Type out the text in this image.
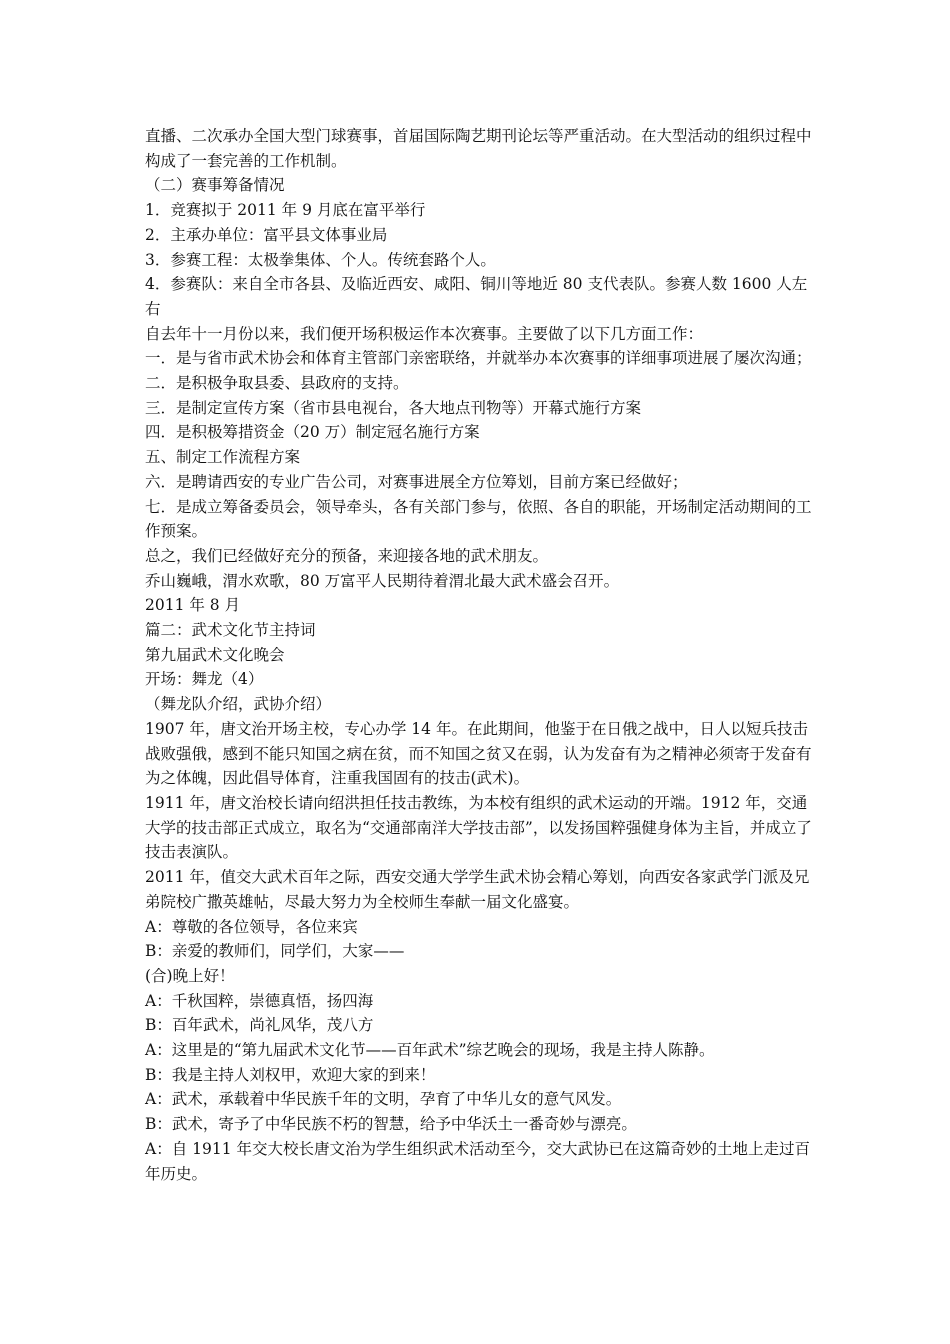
直播、二次承办全国大型门球赛事，首届国际陶艺期刊论坛等严重活动。在大型活动的组织过程中构成了一套完善的工作机制。

（二）赛事筹备情况

1．竞赛拟于 2011 年 9 月底在富平举行

2．主承办单位：富平县文体事业局

3．参赛工程：太极拳集体、个人。传统套路个人。

4．参赛队：来自全市各县、及临近西安、咸阳、铜川等地近 80 支代表队。参赛人数 1600 人左右

自去年十一月份以来，我们便开场积极运作本次赛事。主要做了以下几方面工作：

一．是与省市武术协会和体育主管部门亲密联络，并就举办本次赛事的详细事项进展了屡次沟通；

二．是积极争取县委、县政府的支持。

三．是制定宣传方案（省市县电视台，各大地点刊物等）开幕式施行方案

四．是积极筹措资金（20 万）制定冠名施行方案

五、制定工作流程方案

六．是聘请西安的专业广告公司，对赛事进展全方位筹划，目前方案已经做好；

七．是成立筹备委员会，领导牵头，各有关部门参与，依照、各自的职能，开场制定活动期间的工作预案。

总之，我们已经做好充分的预备，来迎接各地的武术朋友。

乔山巍峨，渭水欢歌，80 万富平人民期待着渭北最大武术盛会召开。

2011 年 8 月

篇二：武术文化节主持词

第九届武术文化晚会

开场：舞龙（4）

（舞龙队介绍，武协介绍）

1907 年，唐文治开场主校，专心办学 14 年。在此期间，他鉴于在日俄之战中，日人以短兵技击战败强俄，感到不能只知国之病在贫，而不知国之贫又在弱，认为发奋有为之精神必须寄于发奋有为之体魄，因此倡导体育，注重我国固有的技击(武术)。

1911 年，唐文治校长请向绍洪担任技击教练，为本校有组织的武术运动的开端。1912 年，交通大学的技击部正式成立，取名为“交通部南洋大学技击部”，以发扬国粹强健身体为主旨，并成立了技击表演队。

2011 年，值交大武术百年之际，西安交通大学学生武术协会精心筹划，向西安各家武学门派及兄弟院校广撒英雄帖，尽最大努力为全校师生奉献一届文化盛宴。

A：尊敬的各位领导，各位来宾

B：亲爱的教师们，同学们，大家——

(合)晚上好！

A：千秋国粹，崇德真悟，扬四海

B：百年武术，尚礼风华，茂八方

A：这里是的“第九届武术文化节——百年武术”综艺晚会的现场，我是主持人陈静。

B：我是主持人刘权甲，欢迎大家的到来！

A：武术，承载着中华民族千年的文明，孕育了中华儿女的意气风发。

B：武术，寄予了中华民族不朽的智慧，给予中华沃土一番奇妙与漂亮。

A：自 1911 年交大校长唐文治为学生组织武术活动至今，交大武协已在这篇奇妙的土地上走过百年历史。
